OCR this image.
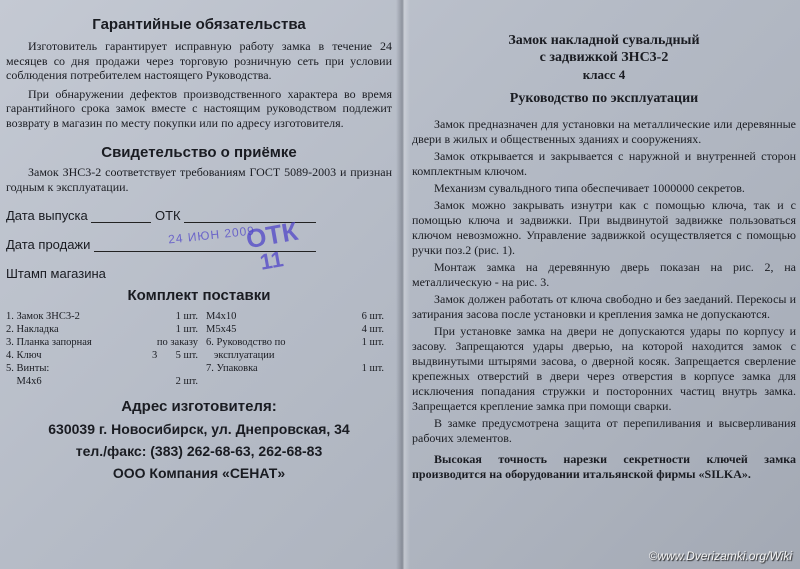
Гарантийные обязательства

Изготовитель гарантирует исправную работу замка в течение 24 месяцев со дня продажи через торговую розничную сеть при условии соблюдения потребителем настоящего Руководства.

При обнаружении дефектов производственного характера во время гарантийного срока замок вместе с настоящим руководством подлежит возврату в магазин по месту покупки или по адресу изготовителя.

Свидетельство о приёмке

Замок ЗНС3-2 соответствует требованиям ГОСТ 5089-2003 и признан годным к эксплуатации.

Дата выпуска	ОТК
Дата продажи
Штамп магазина
Комплект поставки
1. Замок ЗНС3-2	1 шт.
2. Накладка	1 шт.
3. Планка запорная	по заказу
4. Ключ	3       5 шт.
5. Винты:
М4х6	2 шт.
М4х10	6 шт.
М5х45	4 шт.
6. Руководство по	1 шт.
эксплуатации
7. Упаковка	1 шт.
Адрес изготовителя:
630039 г. Новосибирск, ул. Днепровская, 34
тел./факс: (383) 262-68-63, 262-68-83
ООО Компания «СЕНАТ»
24 ИЮН 2009
ОТК
11
Замок накладной сувальдный
с задвижкой ЗНС3-2
класс 4
Руководство по эксплуатации

Замок предназначен для установки на металлические или деревянные двери в жилых и общественных зданиях и сооружениях.

Замок открывается и закрывается с наружной и внутренней сторон комплектным ключом.

Механизм сувальдного типа обеспечивает 1000000 секретов.

Замок можно закрывать изнутри как с помощью ключа, так и с помощью ключа и задвижки. При выдвинутой задвижке пользоваться ключом невозможно. Управление задвижкой осуществляется с помощью ручки поз.2 (рис. 1).

Монтаж замка на деревянную дверь показан на рис. 2, на металлическую - на рис. 3.

Замок должен работать от ключа свободно и без заеданий. Перекосы и затирания засова после установки и крепления замка не допускаются.

При установке замка на двери не допускаются удары по корпусу и засову. Запрещаются удары дверью, на которой находится замок с выдвинутыми штырями засова, о дверной косяк. Запрещается сверление крепежных отверстий в двери через отверстия в корпусе замка для исключения попадания стружки и посторонних частиц внутрь замка. Запрещается крепление замка при помощи сварки.

В замке предусмотрена защита от перепиливания и высверливания рабочих элементов.

Высокая точность нарезки секретности ключей замка производится на оборудовании итальянской фирмы «SILKA».

©www.Dverizamki.org/Wiki
